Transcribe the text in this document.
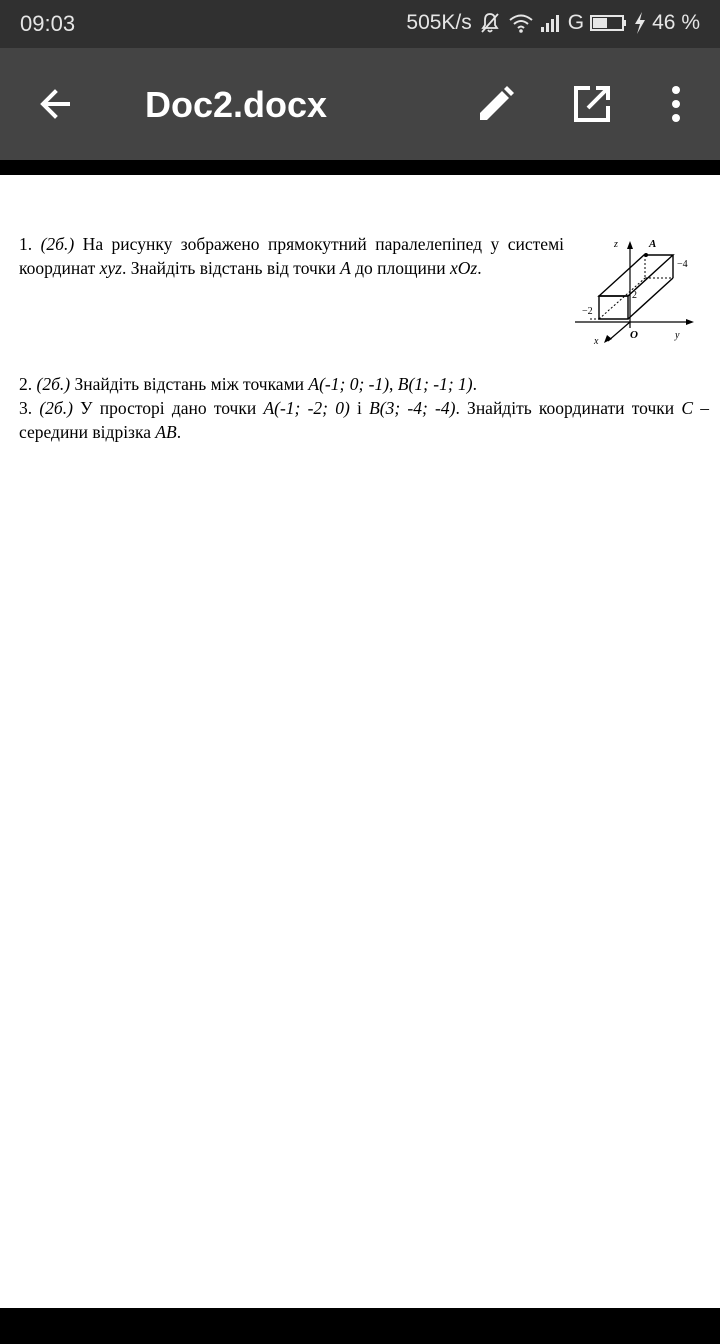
09:03	505K/s	G	46 %
Doc2.docx
1. (2б.) На рисунку зображено прямокутний паралелепіпед у системі координат xyz. Знайдіть відстань від точки A до площини xOz.
z	A
−4
2
−2
x
O	y
2. (2б.) Знайдіть відстань між точками A(-1; 0; -1), B(1; -1; 1).
3. (2б.) У просторі дано точки A(-1; -2; 0) і B(3; -4; -4). Знайдіть координати точки C – середини відрізка AB.
